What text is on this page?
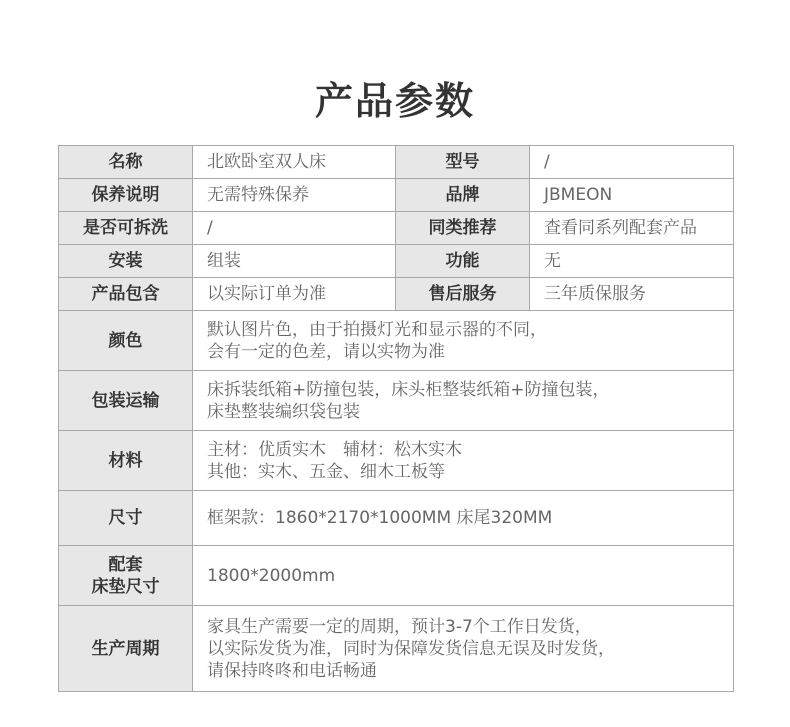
产品参数
名称	北欧卧室双人床	型号	/
保养说明	无需特殊保养	品牌	JBMEON
是否可拆洗	/	同类推荐	查看同系列配套产品
安装	组装	功能	无
产品包含	以实际订单为准	售后服务	三年质保服务
颜色	默认图片色，由于拍摄灯光和显示器的不同，
会有一定的色差，请以实物为准		

包装运输	床拆装纸箱+防撞包装，床头柜整装纸箱+防撞包装，
床垫整装编织袋包装		

材料	主材：优质实木　辅材：松木实木
其他：实木、五金、细木工板等		

尺寸	框架款：1860*2170*1000MM 床尾320MM		

配套
床垫尺寸	1800*2000mm		
生产周期	家具生产需要一定的周期，预计3-7个工作日发货，
以实际发货为准，同时为保障发货信息无误及时发货，
请保持咚咚和电话畅通		
